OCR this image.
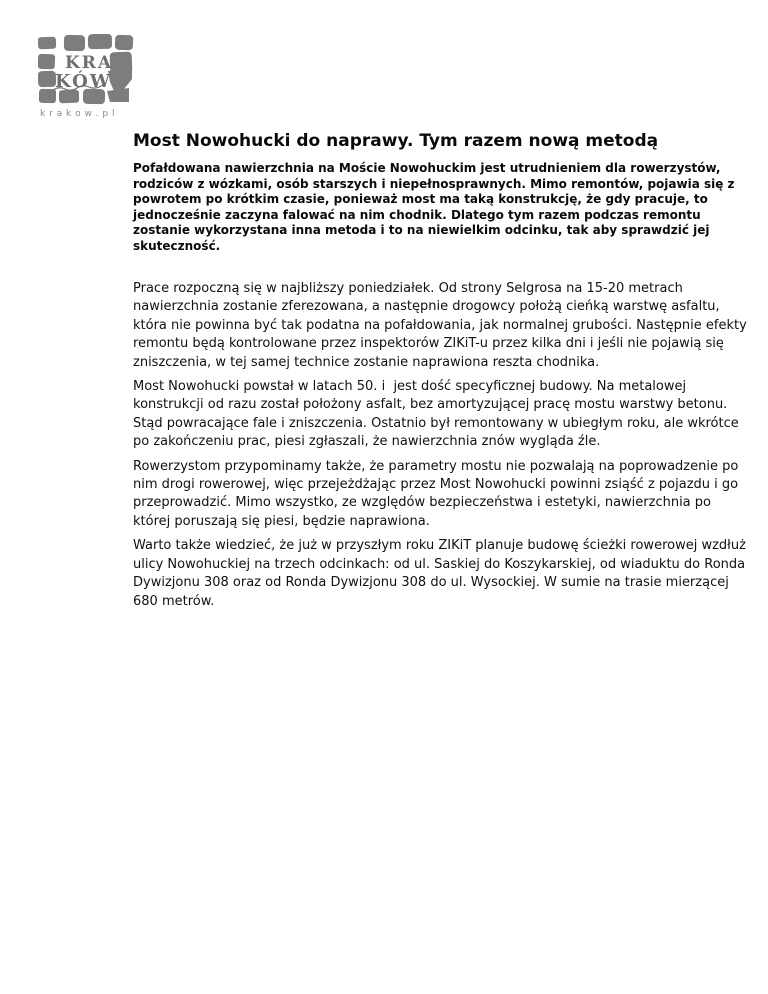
KRA
KÓW
k r a k o w . p l
Most Nowohucki do naprawy. Tym razem nową metodą

Pofałdowana nawierzchnia na Moście Nowohuckim jest utrudnieniem dla rowerzystów, rodziców z wózkami, osób starszych i niepełnosprawnych. Mimo remontów, pojawia się z powrotem po krótkim czasie, ponieważ most ma taką konstrukcję, że gdy pracuje, to jednocześnie zaczyna falować na nim chodnik. Dlatego tym razem podczas remontu zostanie wykorzystana inna metoda i to na niewielkim odcinku, tak aby sprawdzić jej skuteczność.

Prace rozpoczną się w najbliższy poniedziałek. Od strony Selgrosa na 15-20 metrach nawierzchnia zostanie zferezowana, a następnie drogowcy położą cieńką warstwę asfaltu, która nie powinna być tak podatna na pofałdowania, jak normalnej grubości. Następnie efekty remontu będą kontrolowane przez inspektorów ZIKiT-u przez kilka dni i jeśli nie pojawią się zniszczenia, w tej samej technice zostanie naprawiona reszta chodnika.

Most Nowohucki powstał w latach 50. i  jest dość specyficznej budowy. Na metalowej konstrukcji od razu został położony asfalt, bez amortyzującej pracę mostu warstwy betonu. Stąd powracające fale i zniszczenia. Ostatnio był remontowany w ubiegłym roku, ale wkrótce po zakończeniu prac, piesi zgłaszali, że nawierzchnia znów wygląda źle.

Rowerzystom przypominamy także, że parametry mostu nie pozwalają na poprowadzenie po nim drogi rowerowej, więc przejeżdżając przez Most Nowohucki powinni zsiąść z pojazdu i go przeprowadzić. Mimo wszystko, ze względów bezpieczeństwa i estetyki, nawierzchnia po której poruszają się piesi, będzie naprawiona.

Warto także wiedzieć, że już w przyszłym roku ZIKiT planuje budowę ścieżki rowerowej wzdłuż ulicy Nowohuckiej na trzech odcinkach: od ul. Saskiej do Koszykarskiej, od wiaduktu do Ronda Dywizjonu 308 oraz od Ronda Dywizjonu 308 do ul. Wysockiej. W sumie na trasie mierzącej 680 metrów.
